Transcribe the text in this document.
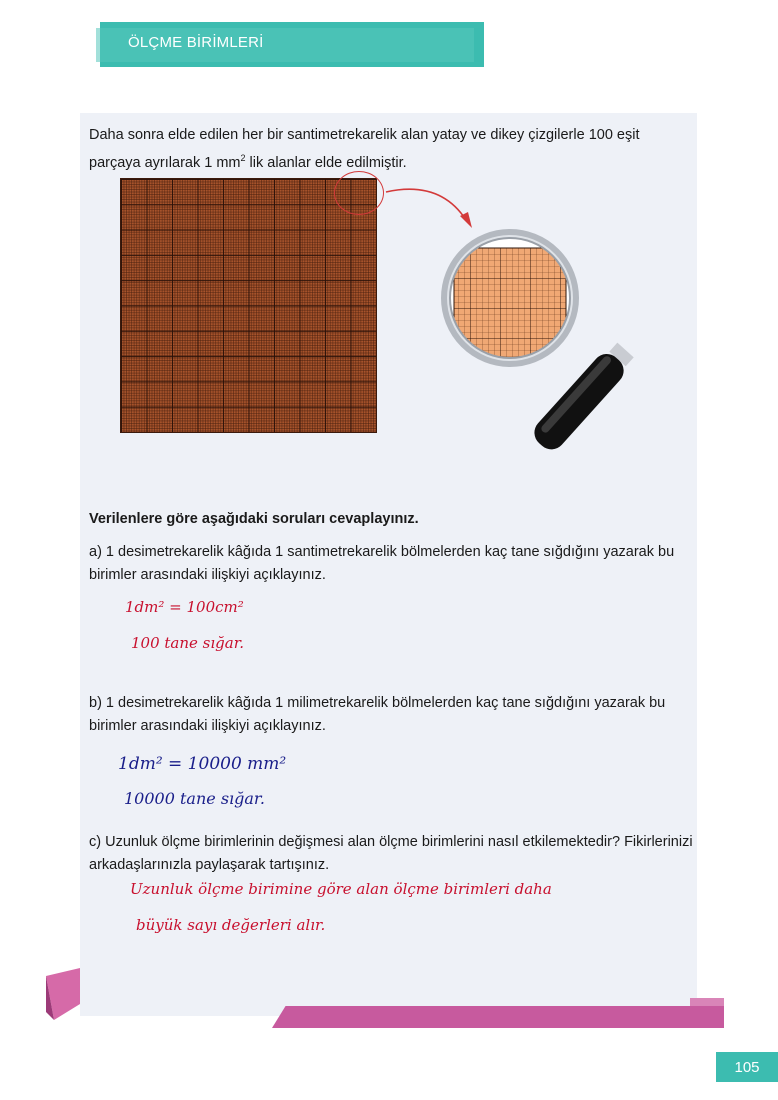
ÖLÇME BİRİMLERİ

Daha sonra elde edilen her bir santimetrekarelik alan yatay ve dikey çizgilerle 100 eşit parçaya ayrılarak 1 $mm^2$ lik alanlar elde edilmiştir.

Verilenlere göre aşağıdaki soruları cevaplayınız.

a) 1 desimetrekarelik kâğıda 1 santimetrekarelik bölmelerden kaç tane sığdığını yazarak bu birimler arasındaki ilişkiyi açıklayınız.

1dm² = 100cm²
100 tane sığar.

b) 1 desimetrekarelik kâğıda 1 milimetrekarelik bölmelerden kaç tane sığdığını yazarak bu birimler arasındaki ilişkiyi açıklayınız.

1dm² = 10000 mm²
10000 tane sığar.

c) Uzunluk ölçme birimlerinin değişmesi alan ölçme birimlerini nasıl etkilemektedir? Fikirlerinizi arkadaşlarınızla paylaşarak tartışınız.

Uzunluk ölçme birimine göre alan ölçme birimleri daha
büyük sayı değerleri alır.
105
